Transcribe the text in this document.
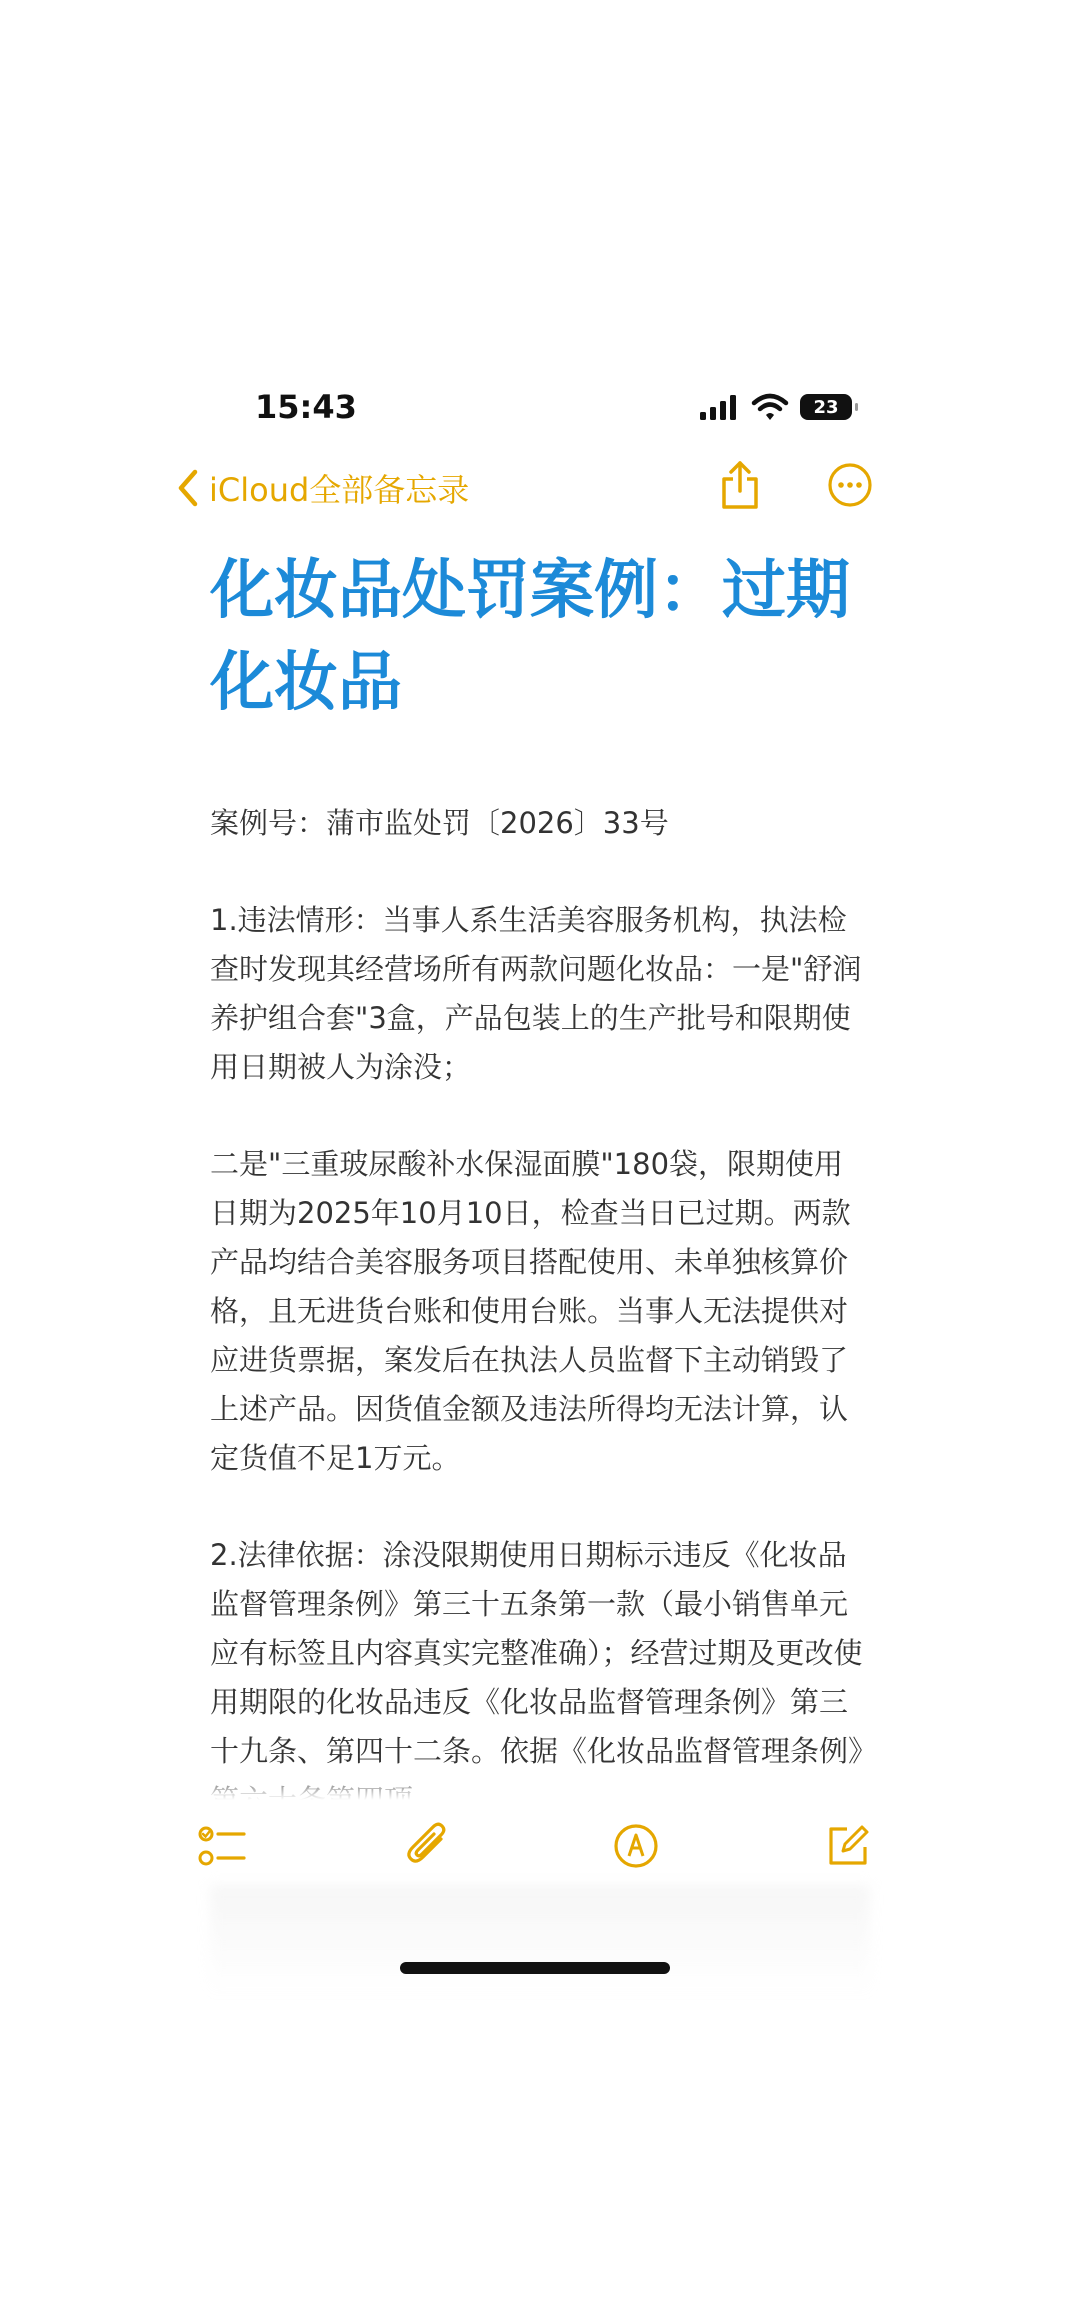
15:43	23
iCloud全部备忘录
化妆品处罚案例：过期化妆品

案例号：蒲市监处罚〔2026〕33号

1.违法情形：当事人系生活美容服务机构，执法检查时发现其经营场所有两款问题化妆品：一是"舒润养护组合套"3盒，产品包装上的生产批号和限期使用日期被人为涂没；

二是"三重玻尿酸补水保湿面膜"180袋，限期使用日期为2025年10月10日，检查当日已过期。两款产品均结合美容服务项目搭配使用、未单独核算价格，且无进货台账和使用台账。当事人无法提供对应进货票据，案发后在执法人员监督下主动销毁了上述产品。因货值金额及违法所得均无法计算，认定货值不足1万元。

2.法律依据：涂没限期使用日期标示违反《化妆品监督管理条例》第三十五条第一款（最小销售单元应有标签且内容真实完整准确）；经营过期及更改使用期限的化妆品违反《化妆品监督管理条例》第三十九条、第四十二条。依据《化妆品监督管理条例》
